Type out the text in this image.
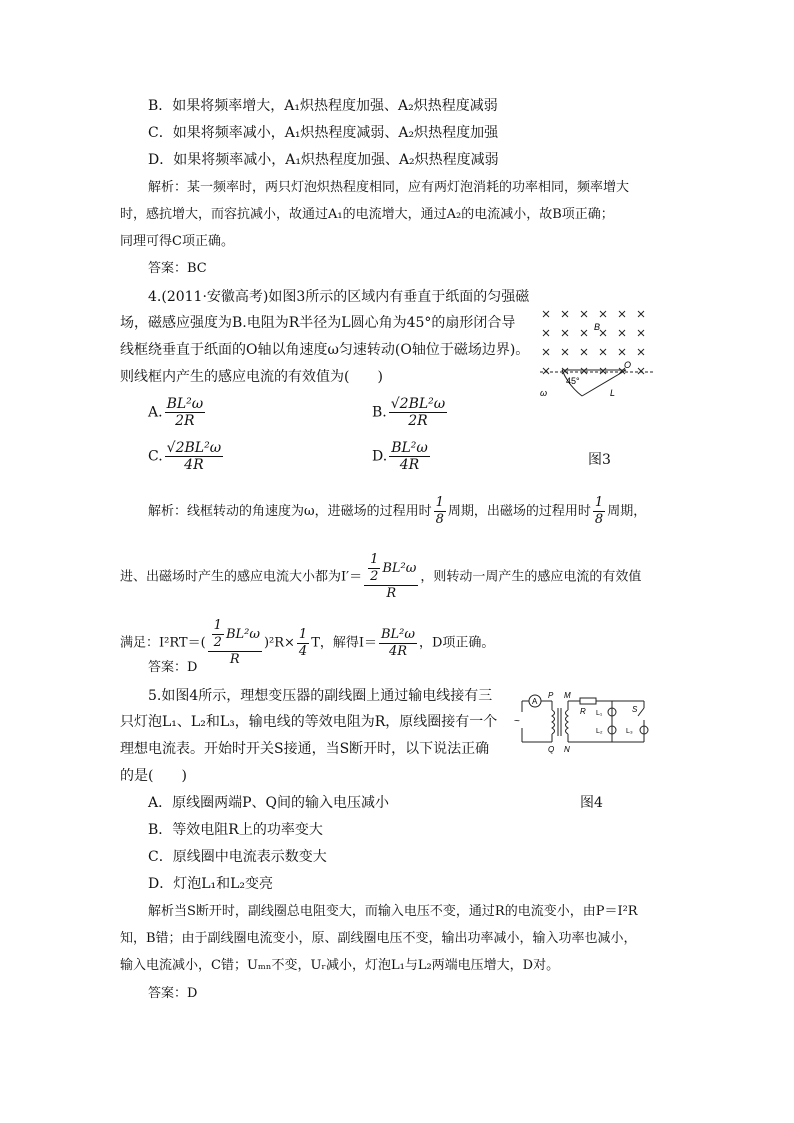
B．如果将频率增大，A₁炽热程度加强、A₂炽热程度减弱
C．如果将频率减小，A₁炽热程度减弱、A₂炽热程度加强
D．如果将频率减小，A₁炽热程度加强、A₂炽热程度减弱
解析：某一频率时，两只灯泡炽热程度相同，应有两灯泡消耗的功率相同，频率增大
时，感抗增大，而容抗减小，故通过A₁的电流增大，通过A₂的电流减小，故B项正确；
同理可得C项正确。
答案：BC
4.(2011·安徽高考)如图3所示的区域内有垂直于纸面的匀强磁
场，磁感应强度为B.电阻为R半径为L圆心角为45°的扇形闭合导
线框绕垂直于纸面的O轴以角速度ω匀速转动(O轴位于磁场边界)。
则线框内产生的感应电流的有效值为(　　)
A. $\frac{\text{BL²ω}}{2R}$	B. $\frac{\text{√2BL²ω}}{2R}$
C. $\frac{\text{√2BL²ω}}{4R}$	D. $\frac{\text{BL²ω}}{4R}$	图3
B
O
45°
L
ω
解析：线框转动的角速度为ω，进磁场的过程用时 $\frac{1}{8}$ 周期，出磁场的过程用时 $\frac{1}{8}$ 周期，
进、出磁场时产生的感应电流大小都为$I'= \frac{\frac{1}{2} BL^2\omega}{R}$ ，则转动一周产生的感应电流的有效值
满足：$I^2RT=( \frac{\frac{1}{2} BL^2\omega}{R} )^2R\times \frac{1}{4}$ T，解得$I= \frac{\text{BL²ω}}{4R}$ ，D项正确。
答案：D
5.如图4所示，理想变压器的副线圈上通过输电线接有三
只灯泡L₁、L₂和L₃，输电线的等效电阻为R，原线圈接有一个
理想电流表。开始时开关S接通，当S断开时，以下说法正确
的是(　　)
A．原线圈两端P、Q间的输入电压减小	图4
B．等效电阻R上的功率变大
C．原线圈中电流表示数变大
D．灯泡L₁和L₂变亮
A
~
P
Q
M
N
R L₁
L₂	L₃
S
解析当S断开时，副线圈总电阻变大，而输入电压不变，通过R的电流变小，由P＝I²R
知，B错；由于副线圈电流变小，原、副线圈电压不变，输出功率减小，输入功率也减小，
输入电流减小，C错；Uₘₙ不变，Uᵣ减小，灯泡L₁与L₂两端电压增大，D对。
答案：D
